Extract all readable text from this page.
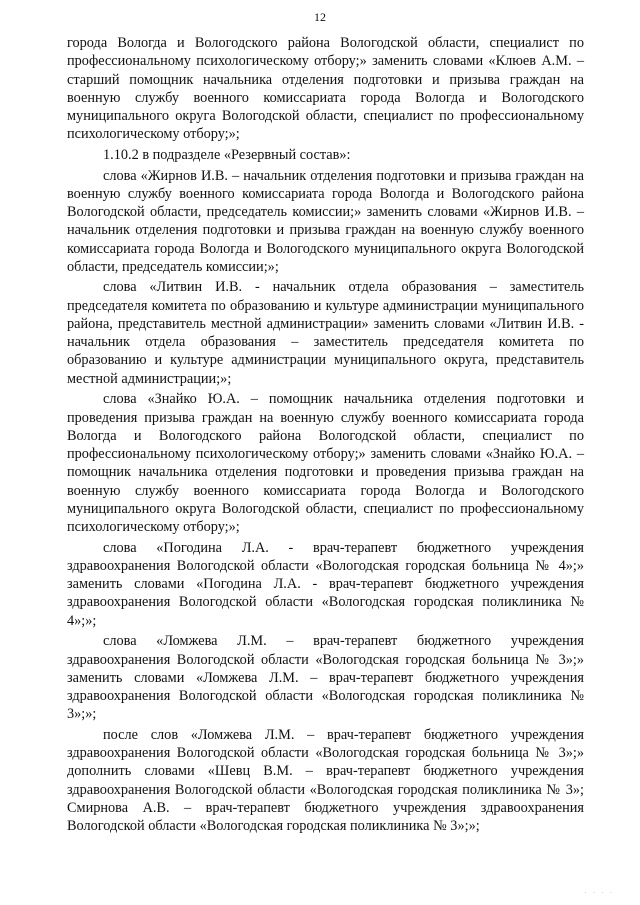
12

города Вологда и Вологодского района Вологодской области, специалист по профессиональному психологическому отбору;» заменить словами «Клюев А.М. – старший помощник начальника отделения подготовки и призыва граждан на военную службу военного комиссариата города Вологда и Вологодского муниципального округа Вологодской области, специалист по профессиональному психологическому отбору;»;

1.10.2 в подразделе «Резервный состав»:

слова «Жирнов И.В. – начальник отделения подготовки и призыва граждан на военную службу военного комиссариата города Вологда и Вологодского района Вологодской области, председатель комиссии;» заменить словами «Жирнов И.В. – начальник отделения подготовки и призыва граждан на военную службу военного комиссариата города Вологда и Вологодского муниципального округа Вологодской области, председатель комиссии;»;

слова «Литвин И.В. - начальник отдела образования – заместитель председателя комитета по образованию и культуре администрации муниципального района, представитель местной администрации» заменить словами «Литвин И.В. - начальник отдела образования – заместитель председателя комитета по образованию и культуре администрации муниципального округа, представитель местной администрации;»;

слова «Знайко Ю.А. – помощник начальника отделения подготовки и проведения призыва граждан на военную службу военного комиссариата города Вологда и Вологодского района Вологодской области, специалист по профессиональному психологическому отбору;» заменить словами «Знайко Ю.А. – помощник начальника отделения подготовки и проведения призыва граждан на военную службу военного комиссариата города Вологда и Вологодского муниципального округа Вологодской области, специалист по профессиональному психологическому отбору;»;

слова «Погодина Л.А. - врач-терапевт бюджетного учреждения здравоохранения Вологодской области «Вологодская городская больница № 4»;» заменить словами «Погодина Л.А. - врач-терапевт бюджетного учреждения здравоохранения Вологодской области «Вологодская городская поликлиника № 4»;»;

слова «Ломжева Л.М. – врач-терапевт бюджетного учреждения здравоохранения Вологодской области «Вологодская городская больница № 3»;» заменить словами «Ломжева Л.М. – врач-терапевт бюджетного учреждения здравоохранения Вологодской области «Вологодская городская поликлиника № 3»;»;

после слов «Ломжева Л.М. – врач-терапевт бюджетного учреждения здравоохранения Вологодской области «Вологодская городская больница № 3»;» дополнить словами «Шевц В.М. – врач-терапевт бюджетного учреждения здравоохранения Вологодской области «Вологодская городская поликлиника № 3»; Смирнова А.В. – врач-терапевт бюджетного учреждения здравоохранения Вологодской области «Вологодская городская поликлиника № 3»;»;

· · · ·
